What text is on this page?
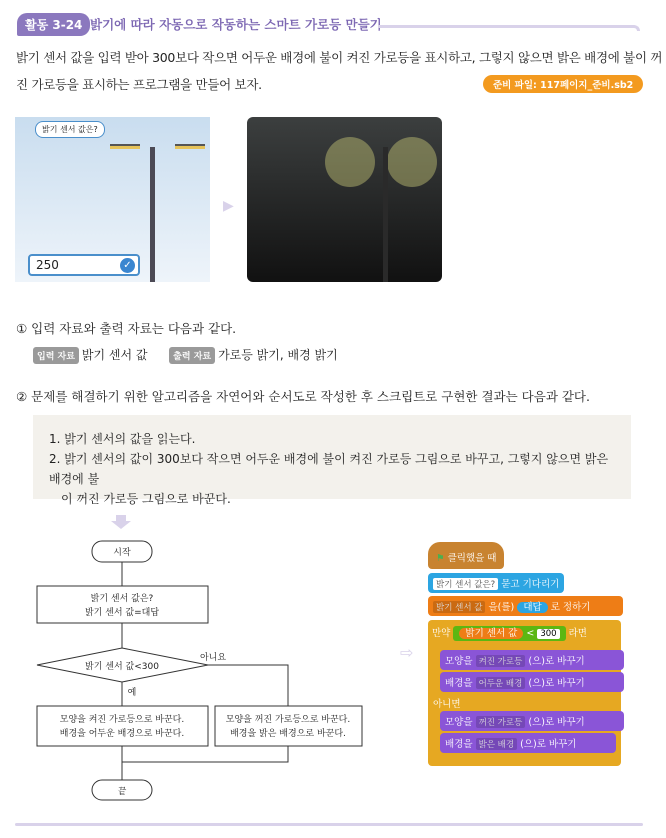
활동 3-24 밝기에 따라 자동으로 작동하는 스마트 가로등 만들기
밝기 센서 값을 입력 받아 300보다 작으면 어두운 배경에 불이 켜진 가로등을 표시하고, 그렇지 않으면 밝은 배경에 불이 꺼
진 가로등을 표시하는 프로그램을 만들어 보자.	준비 파일: 117페이지_준비.sb2
밝기 센서 값은?
250	✓
▶
① 입력 자료와 출력 자료는 다음과 같다.
입력 자료 밝기 센서 값	출력 자료 가로등 밝기, 배경 밝기
② 문제를 해결하기 위한 알고리즘을 자연어와 순서도로 작성한 후 스크립트로 구현한 결과는 다음과 같다.
1. 밝기 센서의 값을 읽는다.
2. 밝기 센서의 값이 300보다 작으면 어두운 배경에 불이 켜진 가로등 그림으로 바꾸고, 그렇지 않으면 밝은 배경에 불
이 꺼진 가로등 그림으로 바꾼다.
시작
밝기 센서 값은?
밝기 센서 값=대답
밝기 센서 값<300
아니요
예
모양을 켜진 가로등으로 바꾼다.
배경을 어두운 배경으로 바꾼다.
모양을 꺼진 가로등으로 바꾼다.
배경을 밝은 배경으로 바꾼다.
끝
⇨
⚑ 클릭했을 때
밝기 센서 값은? 묻고 기다리기
밝기 센서 값 을(를) 대답 로 정하기
만약 밝기 센서 값 < 300 라면
모양을 켜진 가로등 (으)로 바꾸기
배경을 어두운 배경 (으)로 바꾸기
아니면
모양을 꺼진 가로등 (으)로 바꾸기
배경을 밝은 배경 (으)로 바꾸기
